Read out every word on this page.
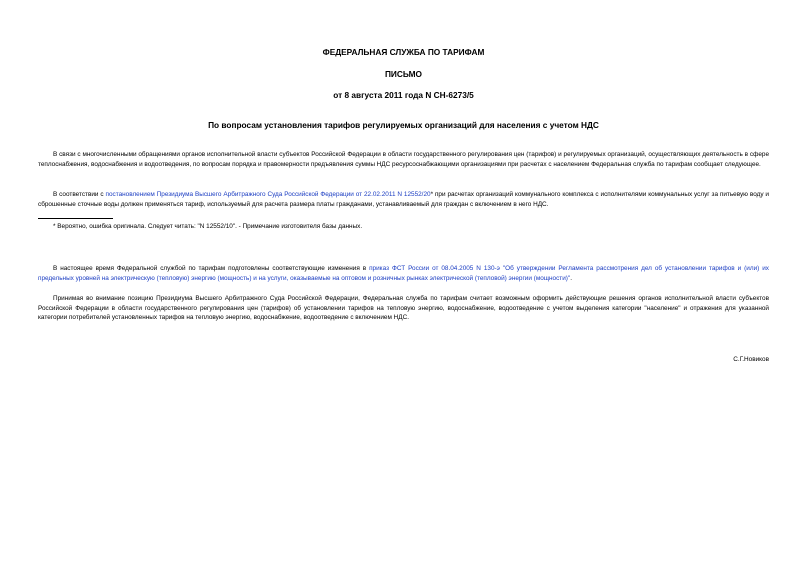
ФЕДЕРАЛЬНАЯ СЛУЖБА ПО ТАРИФАМ
ПИСЬМО
от 8 августа 2011 года N СН-6273/5
По вопросам установления тарифов регулируемых организаций для населения с учетом НДС
В связи с многочисленными обращениями органов исполнительной власти субъектов Российской Федерации в области государственного регулирования цен (тарифов) и регулируемых организаций, осуществляющих деятельность в сфере теплоснабжения, водоснабжения и водоотведения, по вопросам порядка и правомерности предъявления суммы НДС ресурсоснабжающими организациями при расчетах с населением Федеральная служба по тарифам сообщает следующее.
В соответствии с постановлением Президиума Высшего Арбитражного Суда Российской Федерации от 22.02.2011 N 12552/20* при расчетах организаций коммунального комплекса с исполнителями коммунальных услуг за питьевую воду и сброшенные сточные воды должен применяться тариф, используемый для расчета размера платы гражданами, устанавливаемый для граждан с включением в него НДС.
* Вероятно, ошибка оригинала. Следует читать: "N 12552/10". - Примечание изготовителя базы данных.
В настоящее время Федеральной службой по тарифам подготовлены соответствующие изменения в приказ ФСТ России от 08.04.2005 N 130-э "Об утверждении Регламента рассмотрения дел об установлении тарифов и (или) их предельных уровней на электрическую (тепловую) энергию (мощность) и на услуги, оказываемые на оптовом и розничных рынках электрической (тепловой) энергии (мощности)".
Принимая во внимание позицию Президиума Высшего Арбитражного Суда Российской Федерации, Федеральная служба по тарифам считает возможным оформить действующие решения органов исполнительной власти субъектов Российской Федерации в области государственного регулирования цен (тарифов) об установлении тарифов на тепловую энергию, водоснабжение, водоотведение с учетом выделения категории "население" и отражения для указанной категории потребителей установленных тарифов на тепловую энергию, водоснабжение, водоотведение с включением НДС.
С.Г.Новиков
